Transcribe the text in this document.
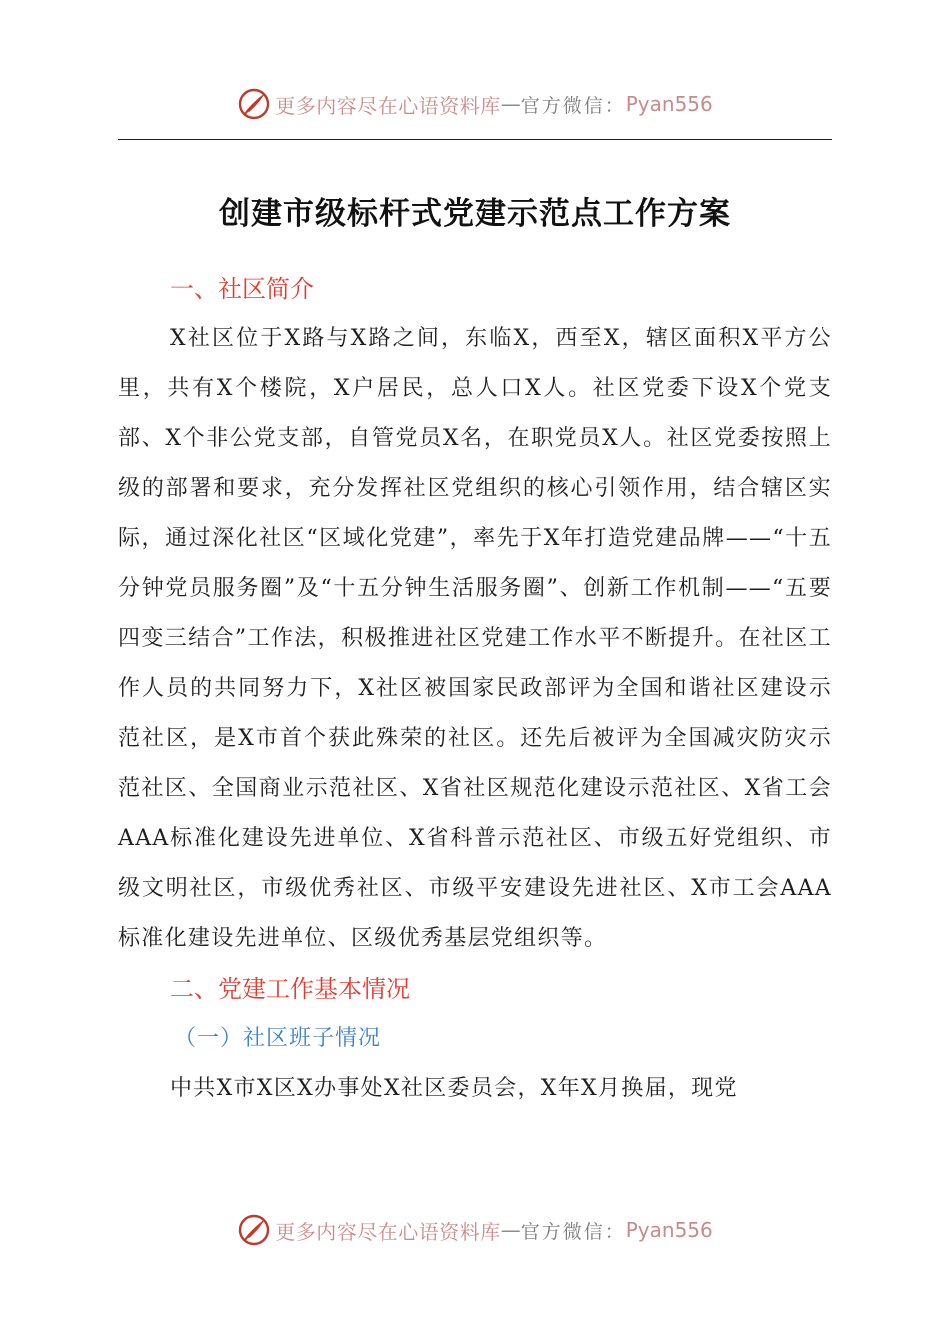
更多内容尽在心语资料库 — 官方微信： Pyan556
创建市级标杆式党建示范点工作方案
一、社区简介

X社区位于X路与X路之间，东临X，西至X，辖区面积X平方公里，共有X个楼院，X户居民，总人口X人。社区党委下设X个党支部、X个非公党支部，自管党员X名，在职党员X人。社区党委按照上级的部署和要求，充分发挥社区党组织的核心引领作用，结合辖区实际，通过深化社区“区域化党建”，率先于X年打造党建品牌——“十五分钟党员服务圈”及“十五分钟生活服务圈”、创新工作机制——“五要四变三结合”工作法，积极推进社区党建工作水平不断提升。在社区工作人员的共同努力下，X社区被国家民政部评为全国和谐社区建设示范社区，是X市首个获此殊荣的社区。还先后被评为全国减灾防灾示范社区、全国商业示范社区、X省社区规范化建设示范社区、X省工会AAA标准化建设先进单位、X省科普示范社区、市级五好党组织、市级文明社区，市级优秀社区、市级平安建设先进社区、X市工会AAA标准化建设先进单位、区级优秀基层党组织等。

二、党建工作基本情况
（一）社区班子情况

中共X市X区X办事处X社区委员会，X年X月换届，现党

更多内容尽在心语资料库 — 官方微信： Pyan556
